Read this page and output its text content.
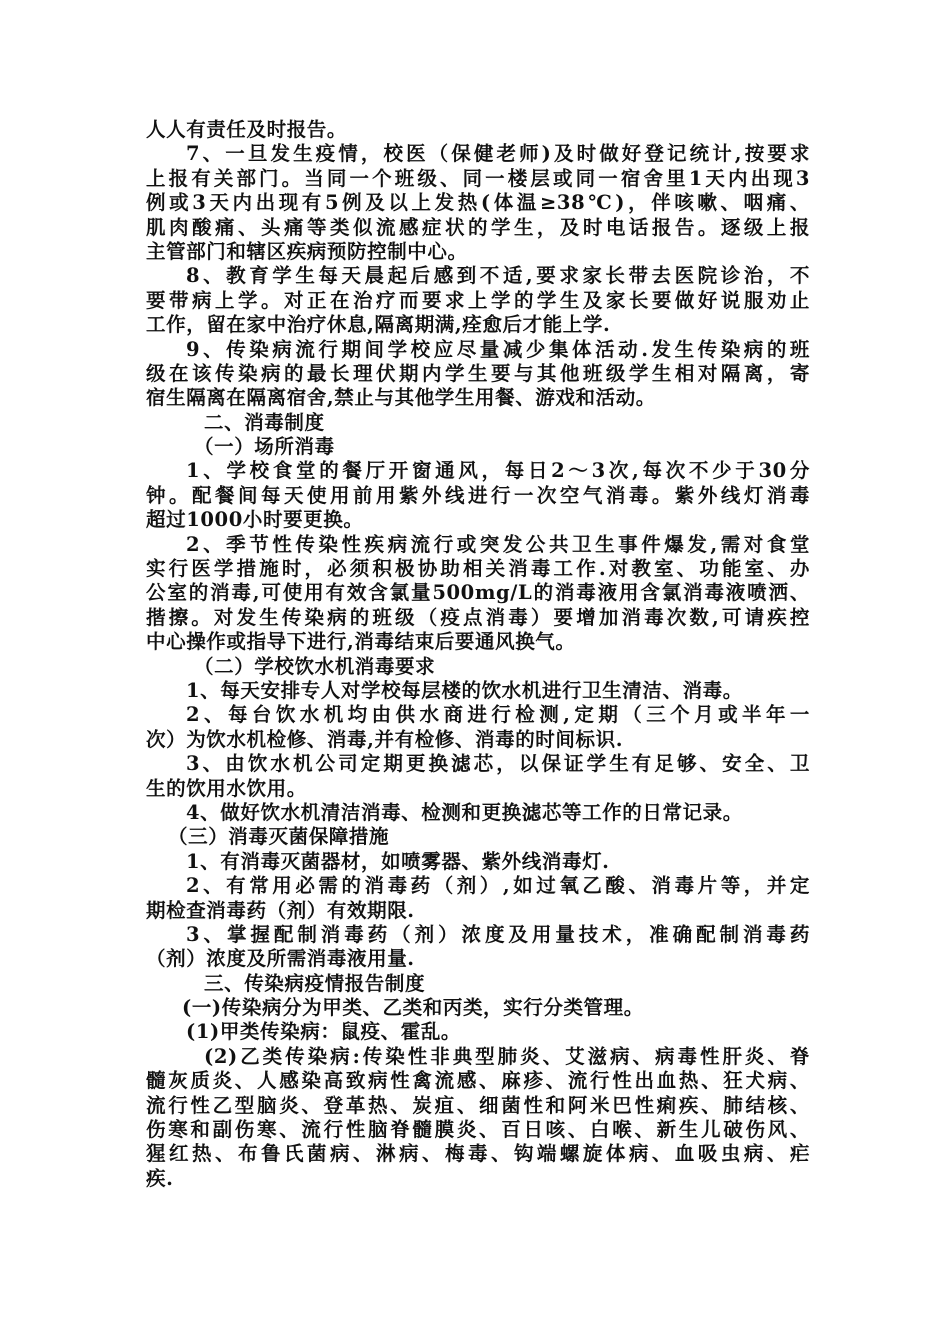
人人有责任及时报告。
7、一旦发生疫情，校医（保健老师)及时做好登记统计,按要求
上报有关部门。当同一个班级、同一楼层或同一宿舍里1天内出现3
例或3天内出现有5例及以上发热(体温≥38℃)，伴咳嗽、咽痛、
肌肉酸痛、头痛等类似流感症状的学生，及时电话报告。逐级上报
主管部门和辖区疾病预防控制中心。
8、教育学生每天晨起后感到不适,要求家长带去医院诊治，不
要带病上学。对正在治疗而要求上学的学生及家长要做好说服劝止
工作，留在家中治疗休息,隔离期满,痊愈后才能上学.
9、传染病流行期间学校应尽量减少集体活动.发生传染病的班
级在该传染病的最长理伏期内学生要与其他班级学生相对隔离，寄
宿生隔离在隔离宿舍,禁止与其他学生用餐、游戏和活动。
二、消毒制度
（一）场所消毒
1、学校食堂的餐厅开窗通风，每日2～3次,每次不少于30分
钟。配餐间每天使用前用紫外线进行一次空气消毒。紫外线灯消毒
超过1000小时要更换。
2、季节性传染性疾病流行或突发公共卫生事件爆发,需对食堂
实行医学措施时，必须积极协助相关消毒工作.对教室、功能室、办
公室的消毒,可使用有效含氯量500mg/L的消毒液用含氯消毒液喷洒、
揩擦。对发生传染病的班级（疫点消毒）要增加消毒次数,可请疾控
中心操作或指导下进行,消毒结束后要通风换气。
（二）学校饮水机消毒要求
1、每天安排专人对学校每层楼的饮水机进行卫生清洁、消毒。
2、每台饮水机均由供水商进行检测,定期（三个月或半年一
次）为饮水机检修、消毒,并有检修、消毒的时间标识.
3、由饮水机公司定期更换滤芯，以保证学生有足够、安全、卫
生的饮用水饮用。
4、做好饮水机清洁消毒、检测和更换滤芯等工作的日常记录。
（三）消毒灭菌保障措施
1、有消毒灭菌器材，如喷雾器、紫外线消毒灯.
2、有常用必需的消毒药（剂）,如过氧乙酸、消毒片等，并定
期检查消毒药（剂）有效期限.
3、掌握配制消毒药（剂）浓度及用量技术，准确配制消毒药
（剂）浓度及所需消毒液用量.
三、传染病疫情报告制度
(一)传染病分为甲类、乙类和丙类，实行分类管理。
(1)甲类传染病：鼠疫、霍乱。
(2)乙类传染病:传染性非典型肺炎、艾滋病、病毒性肝炎、脊
髓灰质炎、人感染高致病性禽流感、麻疹、流行性出血热、狂犬病、
流行性乙型脑炎、登革热、炭疽、细菌性和阿米巴性痢疾、肺结核、
伤寒和副伤寒、流行性脑脊髓膜炎、百日咳、白喉、新生儿破伤风、
猩红热、布鲁氏菌病、淋病、梅毒、钩端螺旋体病、血吸虫病、疟
疾.
